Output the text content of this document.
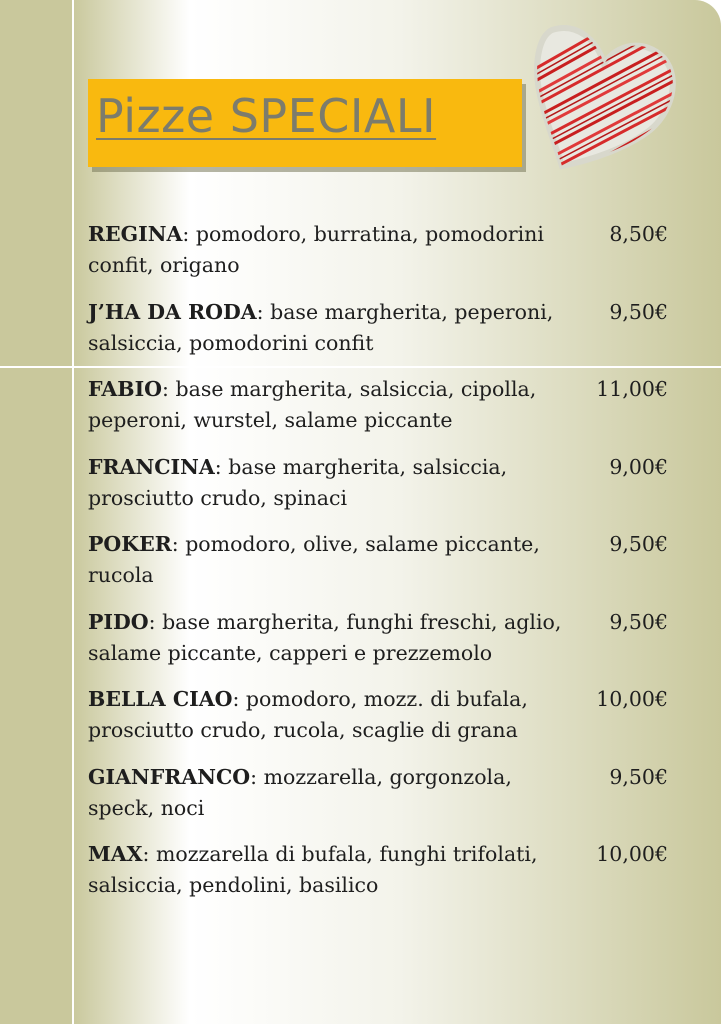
Pizze SPECIALI
REGINA: pomodoro, burratina, pomodorini confit, origano
8,50€
J’HA DA RODA: base margherita, peperoni, salsiccia, pomodorini confit
9,50€
FABIO: base margherita, salsiccia, cipolla, peperoni, wurstel, salame piccante
11,00€
FRANCINA: base margherita, salsiccia, prosciutto crudo, spinaci
9,00€
POKER: pomodoro, olive, salame piccante, rucola
9,50€
PIDO: base margherita, funghi freschi, aglio, salame piccante, capperi e prezzemolo
9,50€
BELLA CIAO: pomodoro, mozz. di bufala, prosciutto crudo, rucola, scaglie di grana
10,00€
GIANFRANCO: mozzarella, gorgonzola, speck, noci
9,50€
MAX: mozzarella di bufala, funghi trifolati, salsiccia, pendolini, basilico
10,00€
